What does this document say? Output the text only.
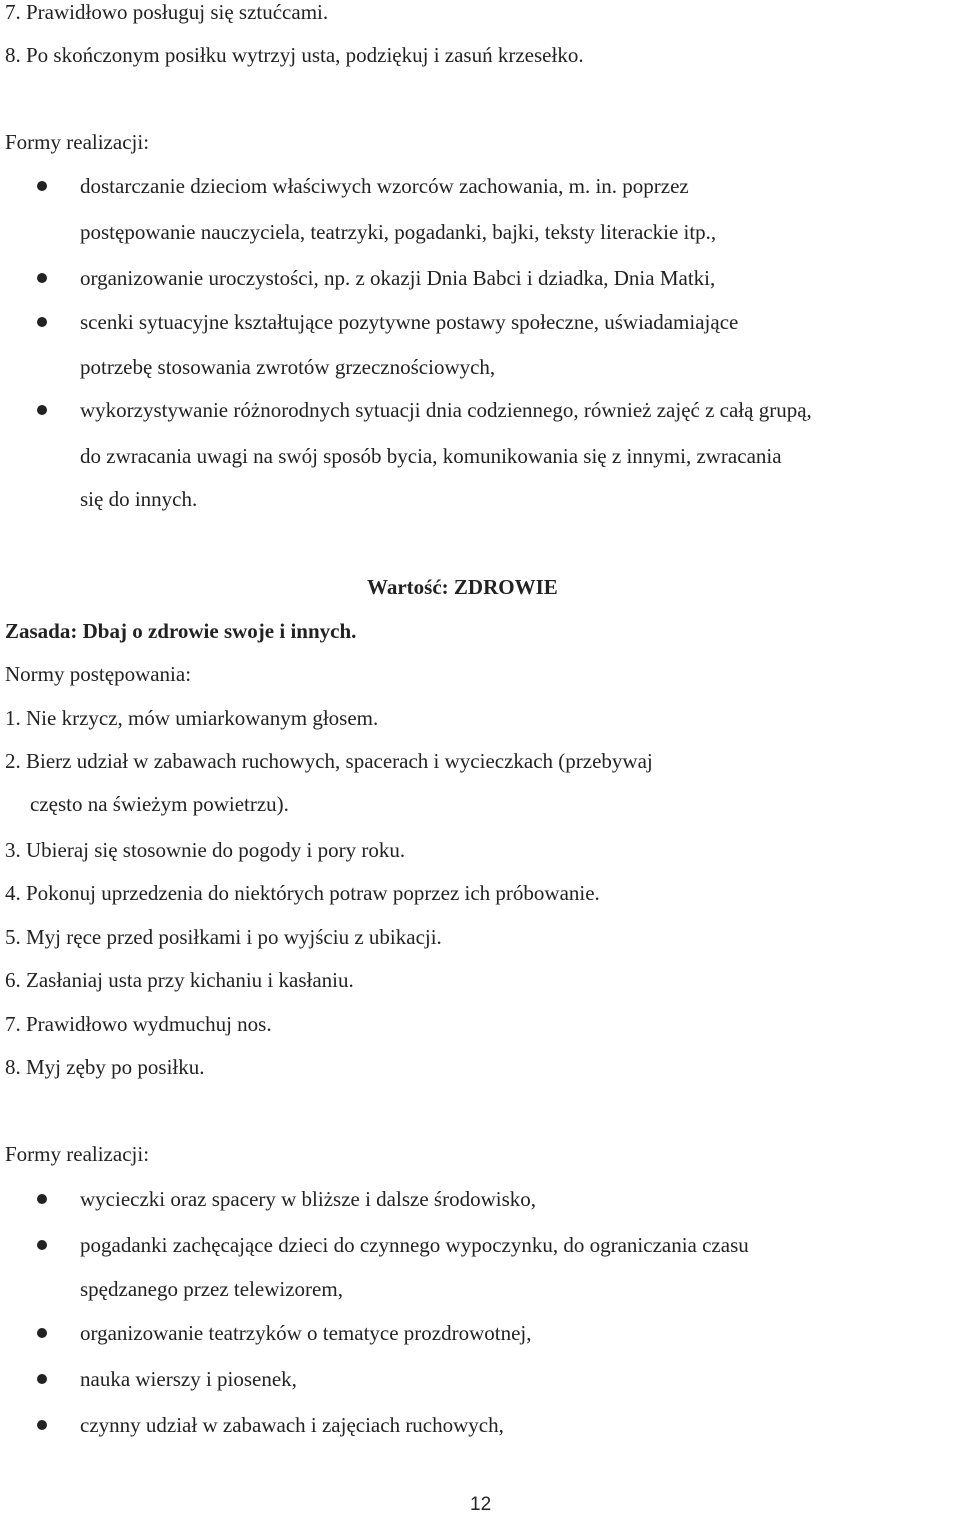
7. Prawidłowo posługuj się sztućcami.
8. Po skończonym posiłku wytrzyj usta, podziękuj i zasuń krzesełko.
Formy realizacji:
dostarczanie dzieciom właściwych wzorców zachowania, m. in. poprzez
postępowanie nauczyciela, teatrzyki, pogadanki, bajki, teksty literackie itp.,
organizowanie uroczystości, np. z okazji Dnia Babci i dziadka, Dnia Matki,
scenki sytuacyjne kształtujące pozytywne postawy społeczne, uświadamiające
potrzebę stosowania zwrotów grzecznościowych,
wykorzystywanie różnorodnych sytuacji dnia codziennego, również zajęć z całą grupą,
do zwracania uwagi na swój sposób bycia, komunikowania się z innymi, zwracania
się do innych.
Wartość: ZDROWIE
Zasada: Dbaj o zdrowie swoje i innych.
Normy postępowania:
1. Nie krzycz, mów umiarkowanym głosem.
2. Bierz udział w zabawach ruchowych, spacerach i wycieczkach (przebywaj
często na świeżym powietrzu).
3. Ubieraj się stosownie do pogody i pory roku.
4. Pokonuj uprzedzenia do niektórych potraw poprzez ich próbowanie.
5. Myj ręce przed posiłkami i po wyjściu z ubikacji.
6. Zasłaniaj usta przy kichaniu i kasłaniu.
7. Prawidłowo wydmuchuj nos.
8. Myj zęby po posiłku.
Formy realizacji:
wycieczki oraz spacery w bliższe i dalsze środowisko,
pogadanki zachęcające dzieci do czynnego wypoczynku, do ograniczania czasu
spędzanego przez telewizorem,
organizowanie teatrzyków o tematyce prozdrowotnej,
nauka wierszy i piosenek,
czynny udział w zabawach i zajęciach ruchowych,
12
